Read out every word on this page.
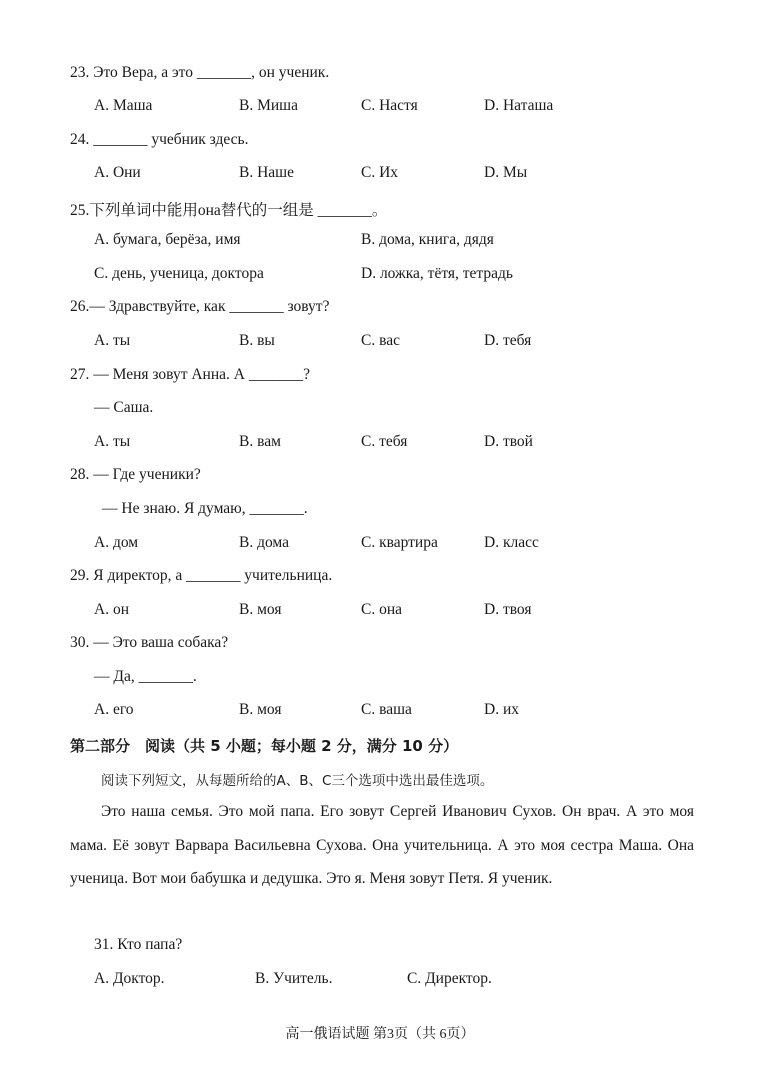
23. Это Вера, а это _______, он ученик.
A. Маша	B. Миша	C. Настя	D. Наташа
24. _______ учебник здесь.
A. Они	B. Наше	C. Их	D. Мы
25.下列单词中能用она替代的一组是 _______。
A. бумага, берёза, имя	B. дома, книга, дядя
C. день, ученица, доктора	D. ложка, тётя, тетрадь
26.— Здравствуйте, как _______ зовут?
A. ты	B. вы	C. вас	D. тебя
27. — Меня зовут Анна. А _______?
— Саша.
A. ты	B. вам	C. тебя	D. твой
28. — Где ученики?
— Не знаю. Я думаю, _______.
A. дом	B. дома	C. квартира	D. класс
29. Я директор, а _______ учительница.
A. он	B. моя	C. она	D. твоя
30. — Это ваша собака?
— Да, _______.
A. его	B. моя	C. ваша	D. их
第二部分　阅读（共 5 小题；每小题 2 分，满分 10 分）
阅读下列短文，从每题所给的A、B、C三个选项中选出最佳选项。

Это наша семья. Это мой папа. Его зовут Сергей Иванович Сухов. Он врач. А это моя мама. Её зовут Варвара Васильевна Сухова. Она учительница. А это моя сестра Маша. Она ученица. Вот мои бабушка и дедушка. Это я. Меня зовут Петя. Я ученик.

31. Кто папа?
A. Доктор.	B. Учитель.	C. Директор.
高一俄语试题 第3页（共 6页）
